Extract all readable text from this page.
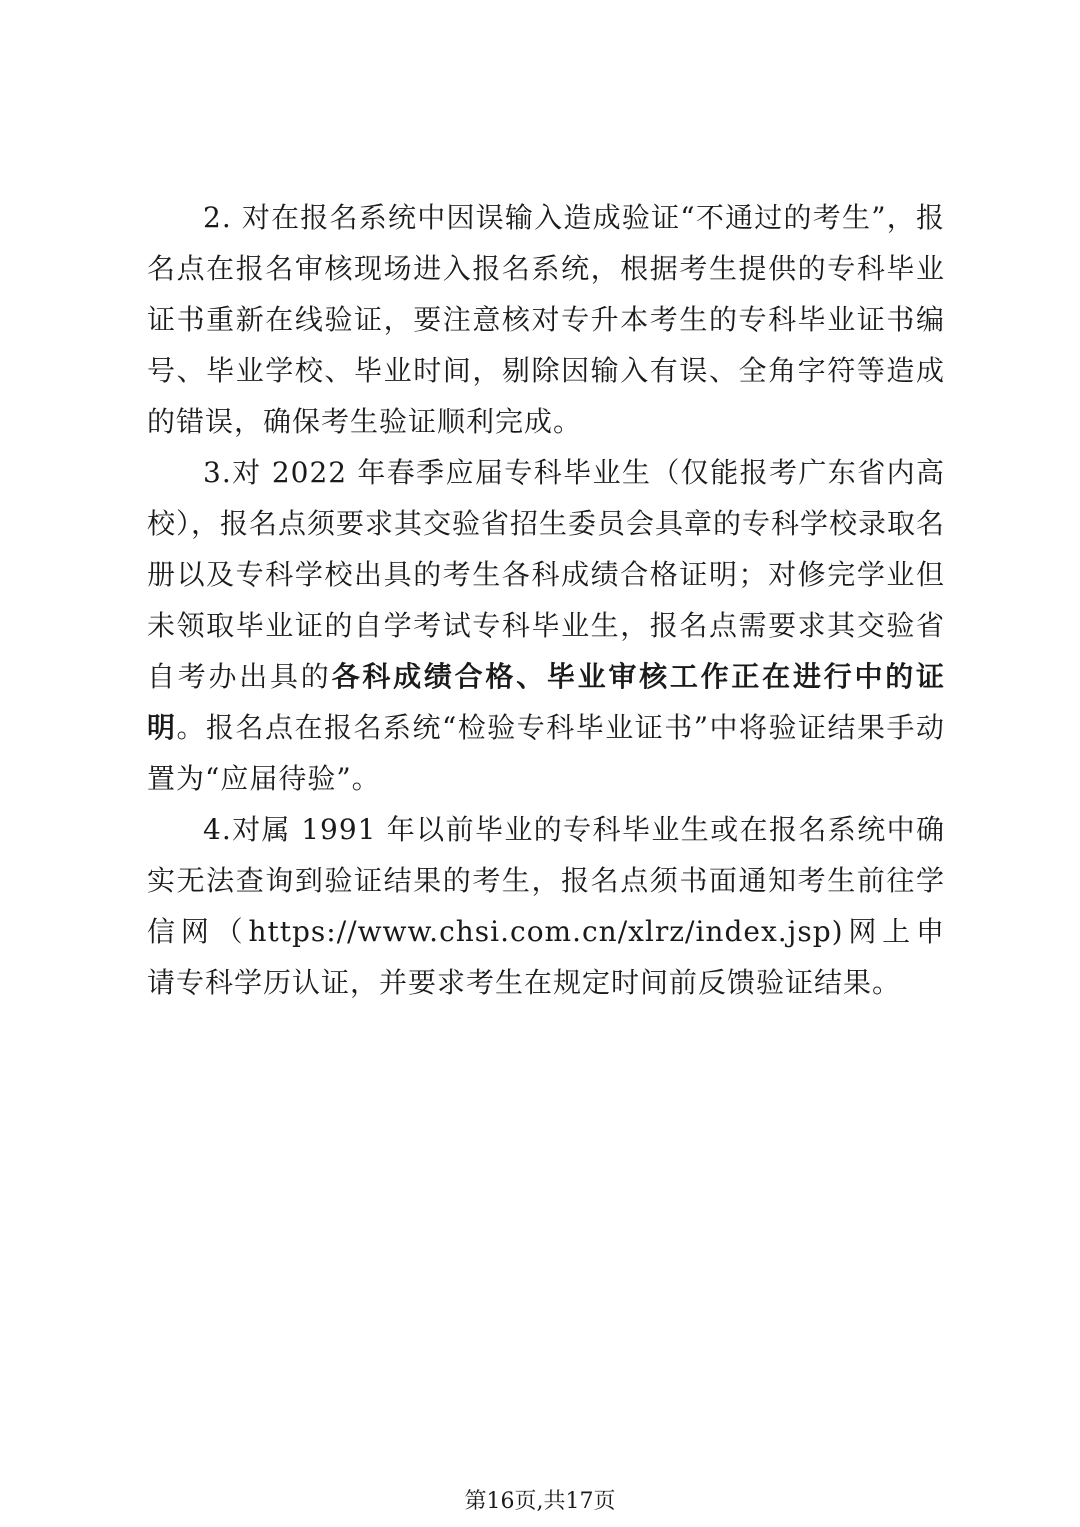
2. 对在报名系统中因误输入造成验证“不通过的考生”，报名点在报名审核现场进入报名系统，根据考生提供的专科毕业证书重新在线验证，要注意核对专升本考生的专科毕业证书编号、毕业学校、毕业时间，剔除因输入有误、全角字符等造成的错误，确保考生验证顺利完成。

3.对 2022 年春季应届专科毕业生（仅能报考广东省内高校），报名点须要求其交验省招生委员会具章的专科学校录取名册以及专科学校出具的考生各科成绩合格证明；对修完学业但未领取毕业证的自学考试专科毕业生，报名点需要求其交验省自考办出具的各科成绩合格、毕业审核工作正在进行中的证明。报名点在报名系统“检验专科毕业证书”中将验证结果手动置为“应届待验”。

4.对属 1991 年以前毕业的专科毕业生或在报名系统中确实无法查询到验证结果的考生，报名点须书面通知考生前往学信网（https://www.chsi.com.cn/xlrz/index.jsp)网上申请专科学历认证，并要求考生在规定时间前反馈验证结果。

第16页,共17页
